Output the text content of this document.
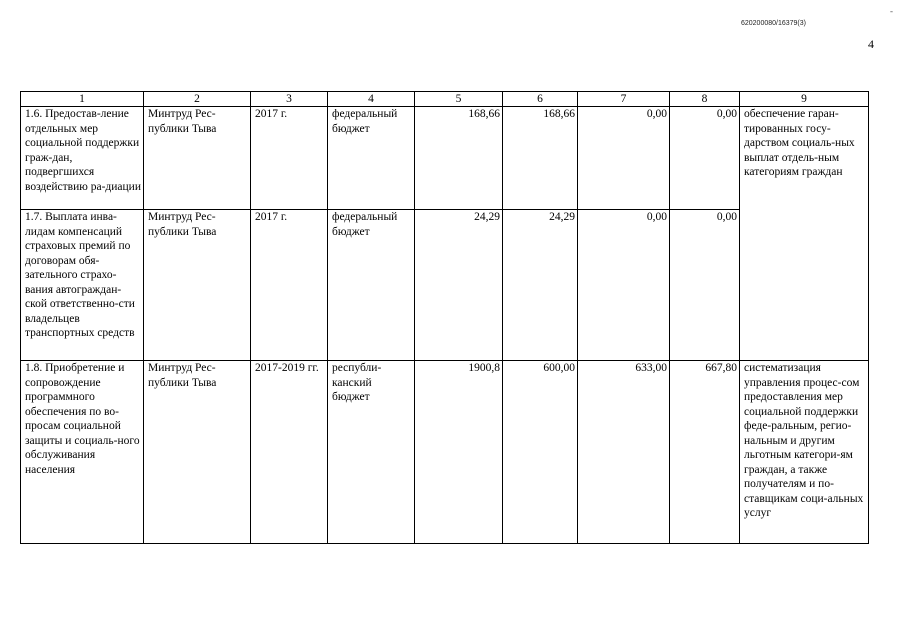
620200080/16379(3)
-
4
1	2	3	4	5	6	7	8	9
1.6. Предостав-ление отдельных мер социальной поддержки граж-дан, подвергшихся воздействию ра-диации	Минтруд Рес-публики Тыва	2017 г.	федеральный бюджет	168,66	168,66	0,00	0,00	обеспечение гаран-тированных госу-дарством социаль-ных выплат отдель-ным категориям граждан
1.7. Выплата инва-лидам компенсаций страховых премий по договорам обя-зательного страхо-вания автограждан-ской ответственно-сти владельцев транспортных средств	Минтруд Рес-публики Тыва	2017 г.	федеральный бюджет	24,29	24,29	0,00	0,00	
1.8. Приобретение и сопровождение программного обеспечения по во-просам социальной защиты и социаль-ного обслуживания населения	Минтруд Рес-публики Тыва	2017-2019 гг.	республи-канский бюджет	1900,8	600,00	633,00	667,80	систематизация управления процес-сом предоставления мер социальной поддержки феде-ральным, регио-нальным и другим льготным категори-ям граждан, а также получателям и по-ставщикам соци-альных услуг
